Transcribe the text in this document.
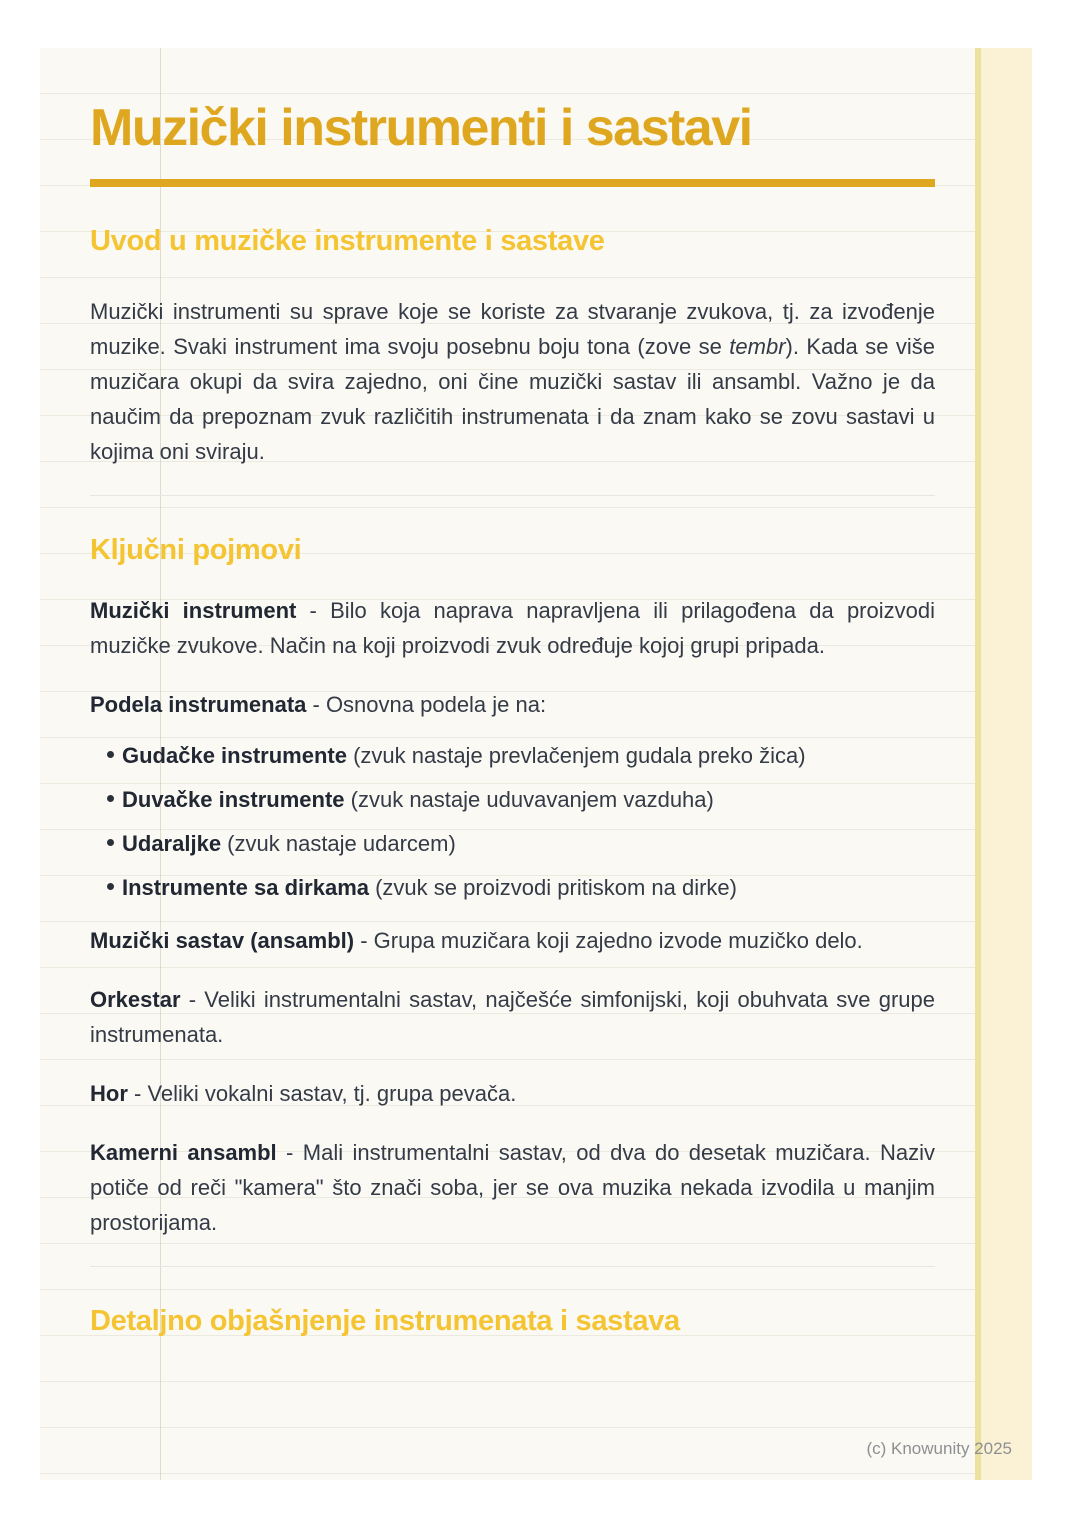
Muzički instrumenti i sastavi
Uvod u muzičke instrumente i sastave

Muzički instrumenti su sprave koje se koriste za stvaranje zvukova, tj. za izvođenje muzike. Svaki instrument ima svoju posebnu boju tona (zove se tembr). Kada se više muzičara okupi da svira zajedno, oni čine muzički sastav ili ansambl. Važno je da naučim da prepoznam zvuk različitih instrumenata i da znam kako se zovu sastavi u kojima oni sviraju.

Ključni pojmovi

Muzički instrument - Bilo koja naprava napravljena ili prilagođena da proizvodi muzičke zvukove. Način na koji proizvodi zvuk određuje kojoj grupi pripada.

Podela instrumenata - Osnovna podela je na:

Gudačke instrumente (zvuk nastaje prevlačenjem gudala preko žica)
Duvačke instrumente (zvuk nastaje uduvavanjem vazduha)
Udaraljke (zvuk nastaje udarcem)
Instrumente sa dirkama (zvuk se proizvodi pritiskom na dirke)

Muzički sastav (ansambl) - Grupa muzičara koji zajedno izvode muzičko delo.

Orkestar - Veliki instrumentalni sastav, najčešće simfonijski, koji obuhvata sve grupe instrumenata.

Hor - Veliki vokalni sastav, tj. grupa pevača.

Kamerni ansambl - Mali instrumentalni sastav, od dva do desetak muzičara. Naziv potiče od reči "kamera" što znači soba, jer se ova muzika nekada izvodila u manjim prostorijama.

Detaljno objašnjenje instrumenata i sastava
(c) Knowunity 2025
